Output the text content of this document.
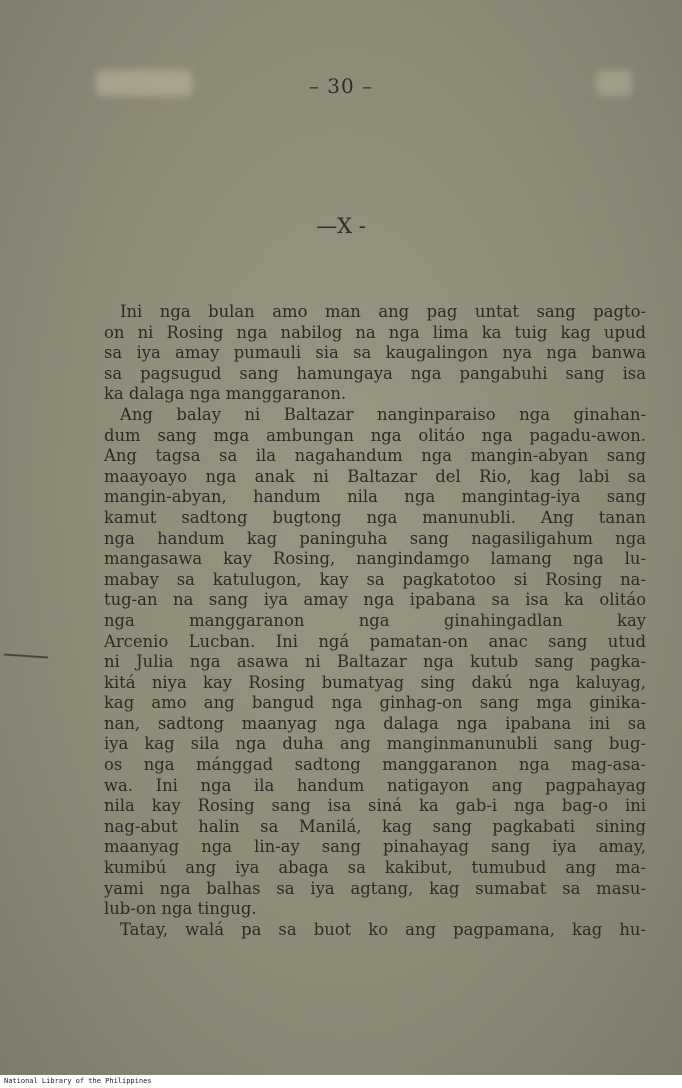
– 30 –
—X -
Ini nga bulan amo man ang pag untat sang pagto-
on ni Rosing nga nabilog na nga lima ka tuig kag upud
sa iya amay pumauli sia sa kaugalingon nya nga banwa
sa pagsugud sang hamungaya nga pangabuhi sang isa
ka dalaga nga manggaranon.
Ang balay ni Baltazar nanginparaiso nga ginahan-
dum sang mga ambungan nga olitáo nga pagadu-awon.
Ang tagsa sa ila nagahandum nga mangin-abyan sang
maayoayo nga anak ni Baltazar del Rio, kag labi sa
mangin-abyan, handum nila nga mangintag-iya sang
kamut sadtong bugtong nga manunubli. Ang tanan
nga handum kag paninguha sang nagasiligahum nga
mangasawa kay Rosing, nangindamgo lamang nga lu-
mabay sa katulugon, kay sa pagkatotoo si Rosing na-
tug-an na sang iya amay nga ipabana sa isa ka olitáo
nga manggaranon nga ginahingadlan kay
Arcenio Lucban. Ini ngá pamatan-on anac sang utud
ni Julia nga asawa ni Baltazar nga kutub sang pagka-
kitá niya kay Rosing bumatyag sing dakú nga kaluyag,
kag amo ang bangud nga ginhag-on sang mga ginika-
nan, sadtong maanyag nga dalaga nga ipabana ini sa
iya kag sila nga duha ang manginmanunubli sang bug-
os nga mánggad sadtong manggaranon nga mag-asa-
wa. Ini nga ila handum natigayon ang pagpahayag
nila kay Rosing sang isa siná ka gab-i nga bag-o ini
nag-abut halin sa Manilá, kag sang pagkabati sining
maanyag nga lin-ay sang pinahayag sang iya amay,
kumibú ang iya abaga sa kakibut, tumubud ang ma-
yami nga balhas sa iya agtang, kag sumabat sa masu-
lub-on nga tingug.
Tatay, walá pa sa buot ko ang pagpamana, kag hu-
National Library of the Philippines
